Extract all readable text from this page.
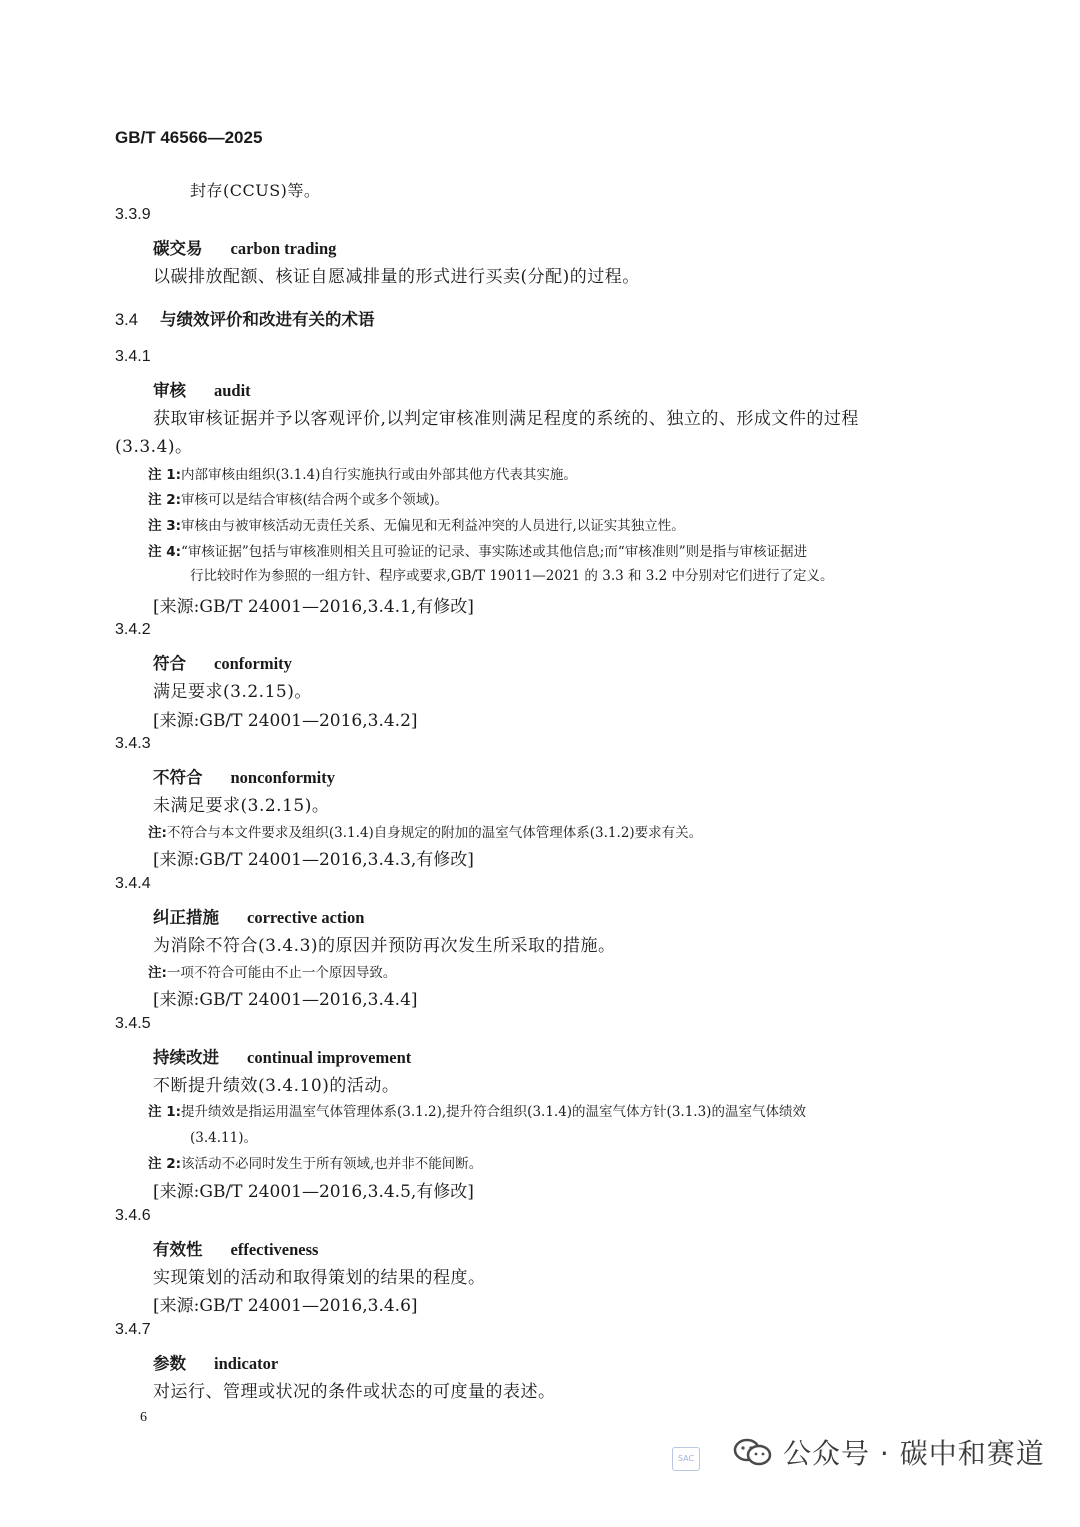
GB/T 46566—2025
封存(CCUS)等。
3.3.9
碳交易 carbon trading
以碳排放配额、核证自愿减排量的形式进行买卖(分配)的过程。
3.4 与绩效评价和改进有关的术语
3.4.1
审核 audit
获取审核证据并予以客观评价,以判定审核准则满足程度的系统的、独立的、形成文件的过程
(3.3.4)。
注 1:内部审核由组织(3.1.4)自行实施执行或由外部其他方代表其实施。
注 2:审核可以是结合审核(结合两个或多个领域)。
注 3:审核由与被审核活动无责任关系、无偏见和无利益冲突的人员进行,以证实其独立性。
注 4:“审核证据”包括与审核准则相关且可验证的记录、事实陈述或其他信息;而“审核准则”则是指与审核证据进
行比较时作为参照的一组方针、程序或要求,GB/T 19011—2021 的 3.3 和 3.2 中分别对它们进行了定义。
[来源:GB/T 24001—2016,3.4.1,有修改]
3.4.2
符合 conformity
满足要求(3.2.15)。
[来源:GB/T 24001—2016,3.4.2]
3.4.3
不符合 nonconformity
未满足要求(3.2.15)。
注:不符合与本文件要求及组织(3.1.4)自身规定的附加的温室气体管理体系(3.1.2)要求有关。
[来源:GB/T 24001—2016,3.4.3,有修改]
3.4.4
纠正措施 corrective action
为消除不符合(3.4.3)的原因并预防再次发生所采取的措施。
注:一项不符合可能由不止一个原因导致。
[来源:GB/T 24001—2016,3.4.4]
3.4.5
持续改进 continual improvement
不断提升绩效(3.4.10)的活动。
注 1:提升绩效是指运用温室气体管理体系(3.1.2),提升符合组织(3.1.4)的温室气体方针(3.1.3)的温室气体绩效
(3.4.11)。
注 2:该活动不必同时发生于所有领域,也并非不能间断。
[来源:GB/T 24001—2016,3.4.5,有修改]
3.4.6
有效性 effectiveness
实现策划的活动和取得策划的结果的程度。
[来源:GB/T 24001—2016,3.4.6]
3.4.7
参数 indicator
对运行、管理或状况的条件或状态的可度量的表述。
6
SAC	公众号 · 碳中和赛道
